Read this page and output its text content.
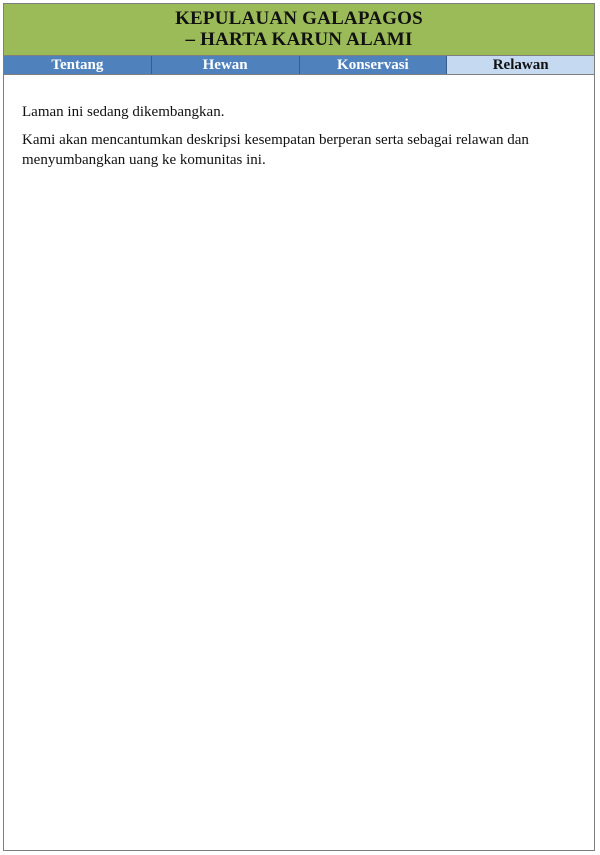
KEPULAUAN GALAPAGOS
– HARTA KARUN ALAMI
Tentang	Hewan	Konservasi	Relawan

Laman ini sedang dikembangkan.

Kami akan mencantumkan deskripsi kesempatan berperan serta sebagai relawan dan menyumbangkan uang ke komunitas ini.
